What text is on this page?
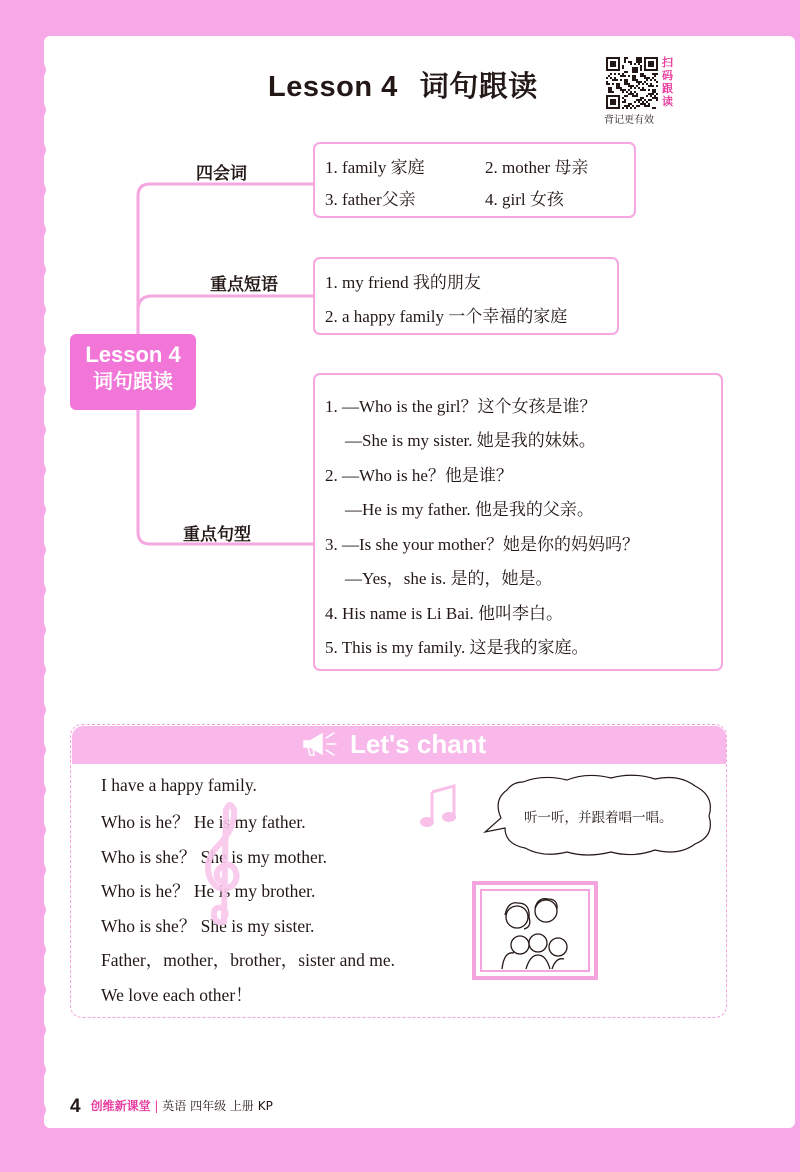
Lesson 4 词句跟读
扫码跟读
背记更有效
Lesson 4
词句跟读
四会词
重点短语
重点句型
1. family 家庭	2. mother 母亲
3. father父亲	4. girl 女孩
1. my friend 我的朋友
2. a happy family 一个幸福的家庭
1. —Who is the girl？这个女孩是谁？
—She is my sister. 她是我的妹妹。
2. —Who is he？他是谁？
—He is my father. 他是我的父亲。
3. —Is she your mother？她是你的妈妈吗？
—Yes，she is. 是的，她是。
4. His name is Li Bai. 他叫李白。
5. This is my family. 这是我的家庭。
Let's chant
I have a happy family.
Who is he？ He is my father.
Who is she？ She is my mother.
Who is he？ He is my brother.
Who is she？ She is my sister.
Father，mother，brother，sister and me.
We love each other！
听一听，并跟着唱一唱。
4 创维新课堂 | 英语 四年级 上册 KP
